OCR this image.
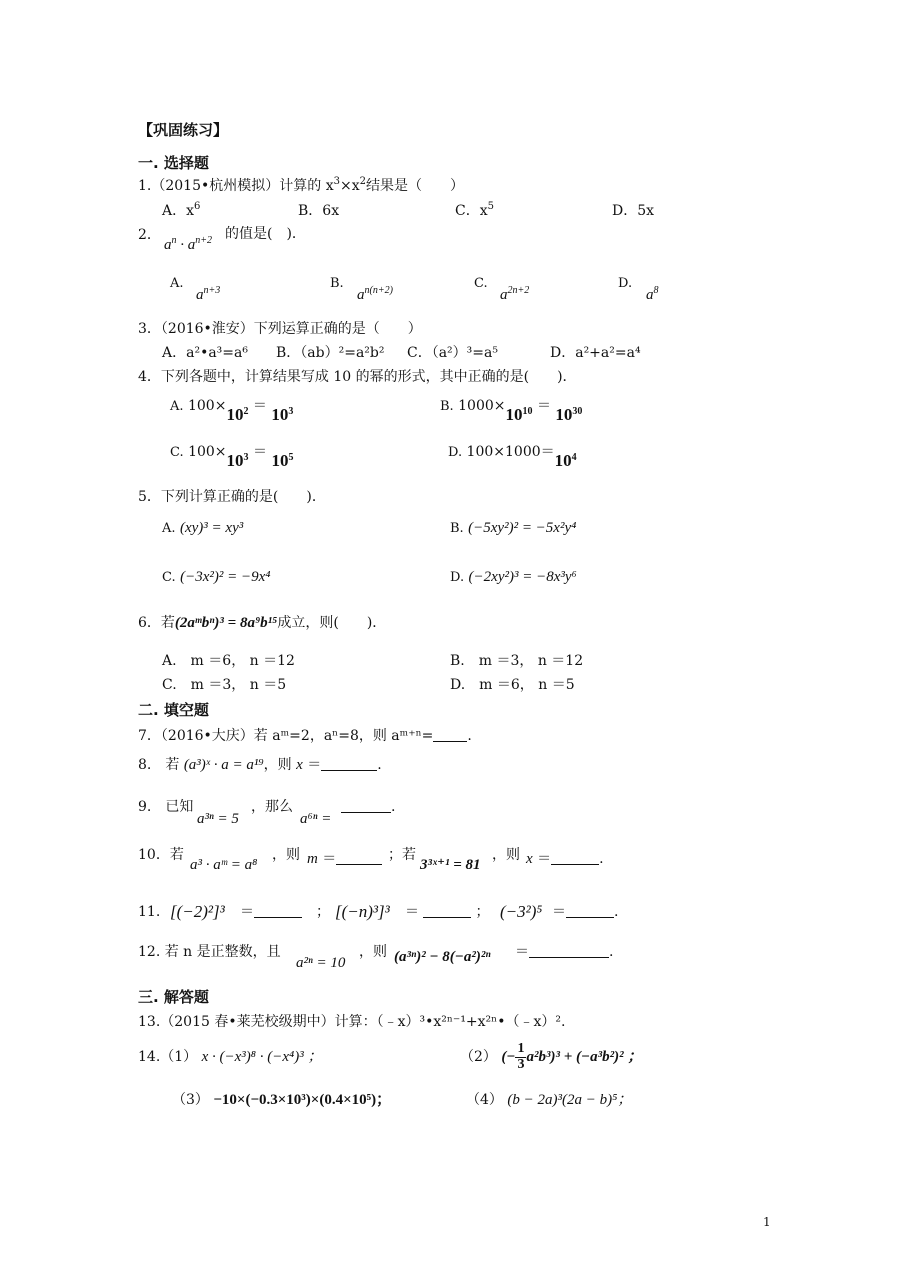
【巩固练习】
一. 选择题
1.（2015•杭州模拟）计算的 $x^3\times x^2$结果是（　　）
A．$x^6$	B．6x	C．$x^5$	D．5x
2．
$a^n \cdot a^{n+2}$ 的值是(　)．
A.
$a^{n+3}$	B.
$a^{n(n+2)}$	C.
$a^{2n+2}$	D.
$a^8$
3．（2016•淮安）下列运算正确的是（　　）
A．a²•a³=a⁶ B．（ab）²=a²b² C．（a²）³=a⁵	D．a²+a²=a⁴
4．下列各题中，计算结果写成 10 的幂的形式，其中正确的是(　　)．
A. $100\times 10^2 = 10^3$	B. $1000\times 10^{10} = 10^{30}$
C. $100\times 10^3 = 10^5$	D. $100\times 1000=10^4$
5．下列计算正确的是(　　)．
A. (xy)³ = xy³	B. (−5xy²)² = −5x²y⁴
C. (−3x²)² = −9x⁴	D. (−2xy²)³ = −8x³y⁶
6．若(2aᵐbⁿ)³ = 8a⁹b¹⁵成立，则(　　)．
A.　m ＝6， n ＝12	B.　m ＝3， n ＝12
C.　m ＝3， n ＝5	D.　m ＝6， n ＝5
二. 填空题
7．（2016•大庆）若 aᵐ=2，aⁿ=8，则 aᵐ⁺ⁿ= .
8.　若 (a³)ˣ · a = a¹⁹，则 x ＝	.
9.　已知
a³ⁿ = 5
，那么
a⁶ⁿ =
.
10．若
a³ · aᵐ = a⁸
，则 m ＝	；若
3³ˣ⁺¹ = 81
，则 x ＝	.
11. [(−2)²]³ ＝	； [(−n)³]³ ＝	； (−3²)⁵ ＝	.
12. 若 n 是正整数，且
a²ⁿ = 10
，则 (a³ⁿ)² − 8(−a²)²ⁿ ＝	.
三. 解答题
13.（2015 春•莱芜校级期中）计算：（﹣x）³•x²ⁿ⁻¹+x²ⁿ•（﹣x）².
14.（1） x · (−x³)⁸ · (−x⁴)³ ；	（2） (− $\frac{1}{3} a^2b^3)^3 + (-a^3b^2)^2$ ；
（3） −10×(−0.3×10³)×(0.4×10⁵)；	（4） (b − 2a)³(2a − b)⁵；
1
